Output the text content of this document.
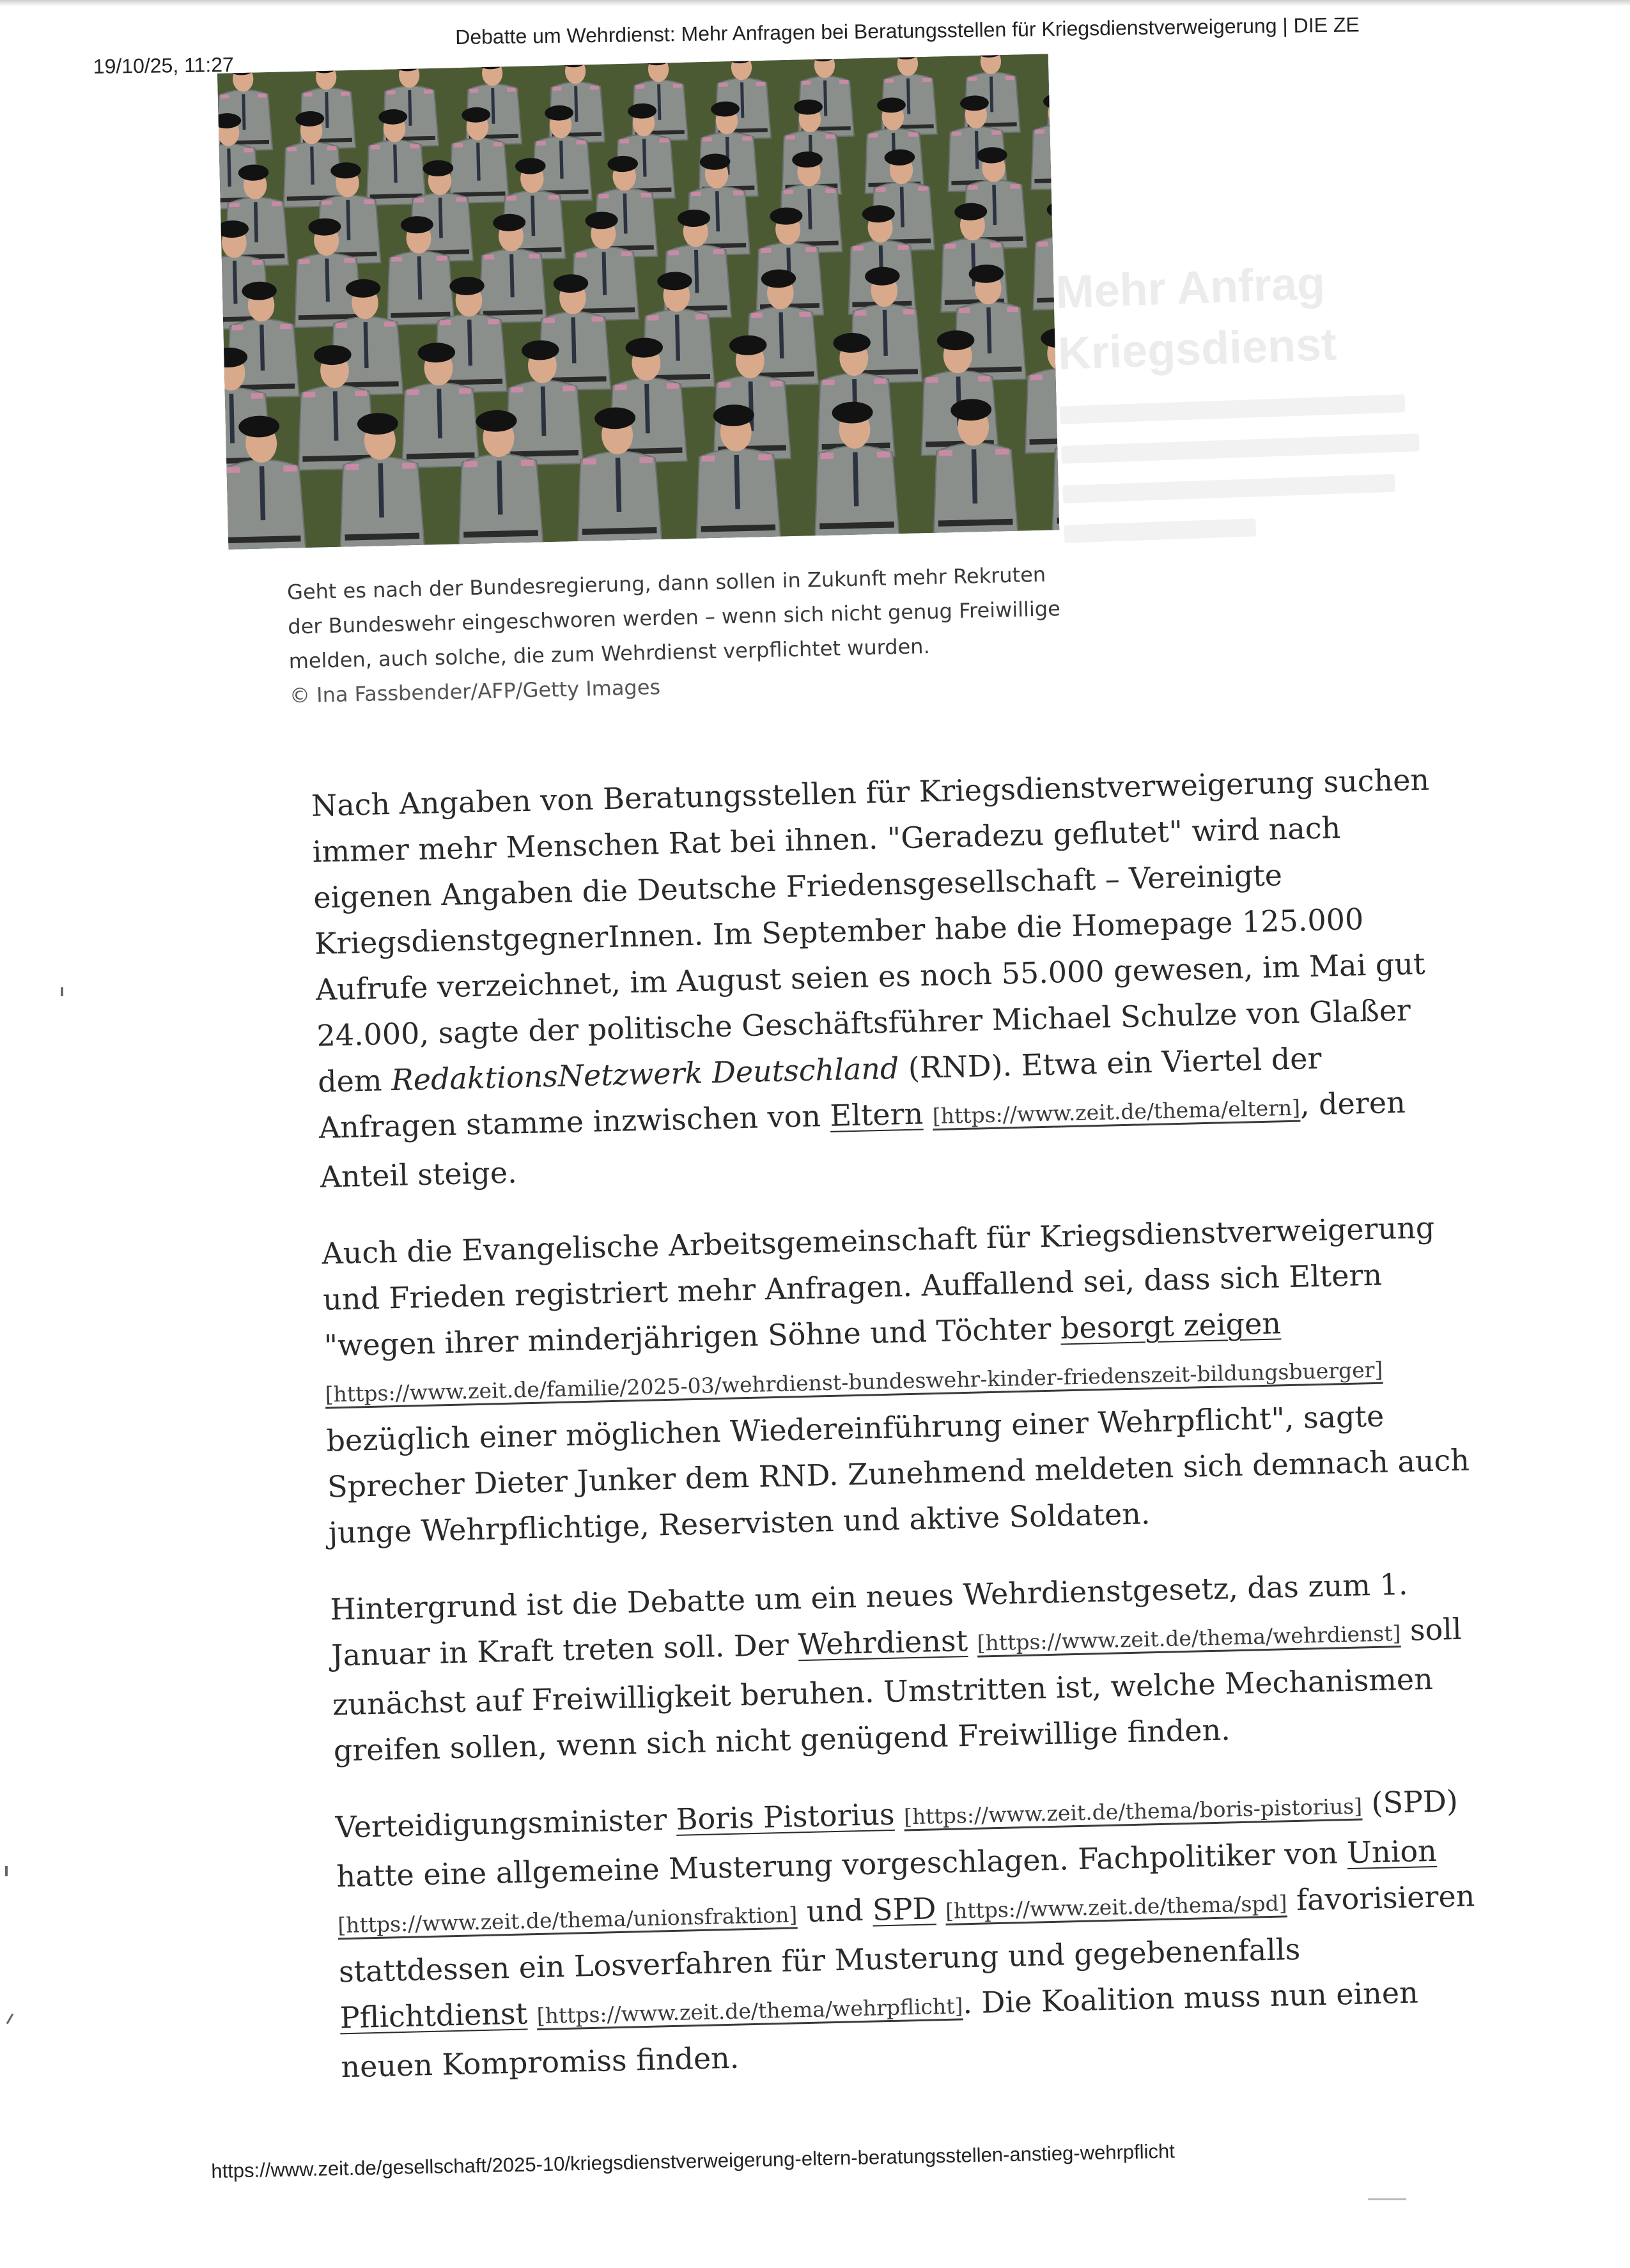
19/10/25, 11:27
Debatte um Wehrdienst: Mehr Anfragen bei Beratungsstellen für Kriegsdienstverweigerung | DIE ZE
Mehr Anfrag
Kriegsdienst
Geht es nach der Bundesregierung, dann sollen in Zukunft mehr Rekruten der Bundeswehr eingeschworen werden – wenn sich nicht genug Freiwillige melden, auch solche, die zum Wehrdienst verpflichtet wurden.
© Ina Fassbender/AFP/Getty Images

Nach Angaben von Beratungsstellen für Kriegsdienstverweigerung suchen immer mehr Menschen Rat bei ihnen. "Geradezu geflutet" wird nach eigenen Angaben die Deutsche Friedensgesellschaft – Vereinigte KriegsdienstgegnerInnen. Im September habe die Homepage 125.000 Aufrufe verzeichnet, im August seien es noch 55.000 gewesen, im Mai gut 24.000, sagte der politische Geschäftsführer Michael Schulze von Glaßer dem RedaktionsNetzwerk Deutschland (RND). Etwa ein Viertel der Anfragen stamme inzwischen von Eltern [https://www.zeit.de/thema/eltern], deren Anteil steige.

Auch die Evangelische Arbeitsgemeinschaft für Kriegsdienstverweigerung und Frieden registriert mehr Anfragen. Auffallend sei, dass sich Eltern "wegen ihrer minderjährigen Söhne und Töchter besorgt zeigen [https://www.zeit.de/familie/2025-03/wehrdienst-bundeswehr-kinder-friedenszeit-bildungsbuerger] bezüglich einer möglichen Wiedereinführung einer Wehrpflicht", sagte Sprecher Dieter Junker dem RND. Zunehmend meldeten sich demnach auch junge Wehrpflichtige, Reservisten und aktive Soldaten.

Hintergrund ist die Debatte um ein neues Wehrdienstgesetz, das zum 1. Januar in Kraft treten soll. Der Wehrdienst [https://www.zeit.de/thema/wehrdienst] soll zunächst auf Freiwilligkeit beruhen. Umstritten ist, welche Mechanismen greifen sollen, wenn sich nicht genügend Freiwillige finden.

Verteidigungsminister Boris Pistorius [https://www.zeit.de/thema/boris-pistorius] (SPD) hatte eine allgemeine Musterung vorgeschlagen. Fachpolitiker von Union [https://www.zeit.de/thema/unionsfraktion] und SPD [https://www.zeit.de/thema/spd] favorisieren stattdessen ein Losverfahren für Musterung und gegebenenfalls Pflichtdienst [https://www.zeit.de/thema/wehrpflicht]. Die Koalition muss nun einen neuen Kompromiss finden.

https://www.zeit.de/gesellschaft/2025-10/kriegsdienstverweigerung-eltern-beratungsstellen-anstieg-wehrpflicht
